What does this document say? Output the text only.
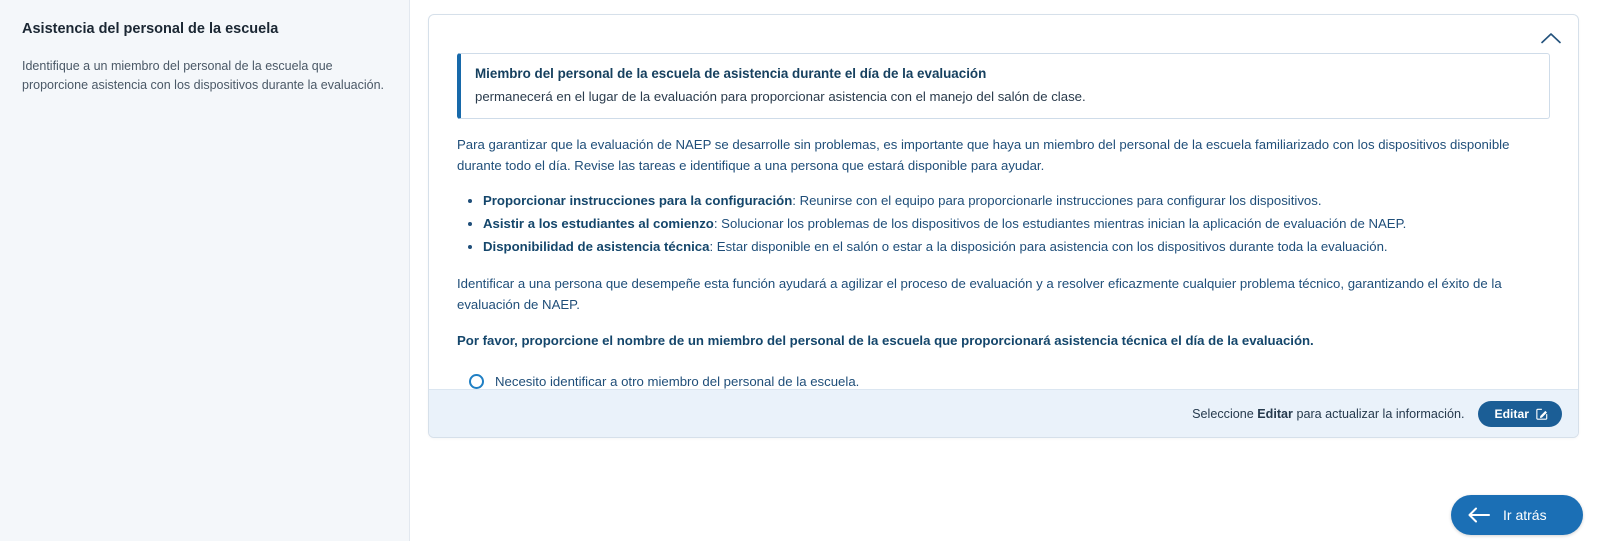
Asistencia del personal de la escuela

Identifique a un miembro del personal de la escuela que proporcione asistencia con los dispositivos durante la evaluación.

Miembro del personal de la escuela de asistencia durante el día de la evaluación
permanecerá en el lugar de la evaluación para proporcionar asistencia con el manejo del salón de clase.

Para garantizar que la evaluación de NAEP se desarrolle sin problemas, es importante que haya un miembro del personal de la escuela familiarizado con los dispositivos disponible durante todo el día. Revise las tareas e identifique a una persona que estará disponible para ayudar.

• Proporcionar instrucciones para la configuración: Reunirse con el equipo para proporcionarle instrucciones para configurar los dispositivos.
• Asistir a los estudiantes al comienzo: Solucionar los problemas de los dispositivos de los estudiantes mientras inician la aplicación de evaluación de NAEP.
• Disponibilidad de asistencia técnica: Estar disponible en el salón o estar a la disposición para asistencia con los dispositivos durante toda la evaluación.

Identificar a una persona que desempeñe esta función ayudará a agilizar el proceso de evaluación y a resolver eficazmente cualquier problema técnico, garantizando el éxito de la evaluación de NAEP.

Por favor, proporcione el nombre de un miembro del personal de la escuela que proporcionará asistencia técnica el día de la evaluación.

Necesito identificar a otro miembro del personal de la escuela.
Seleccione Editar para actualizar la información. Editar
Ir atrás
